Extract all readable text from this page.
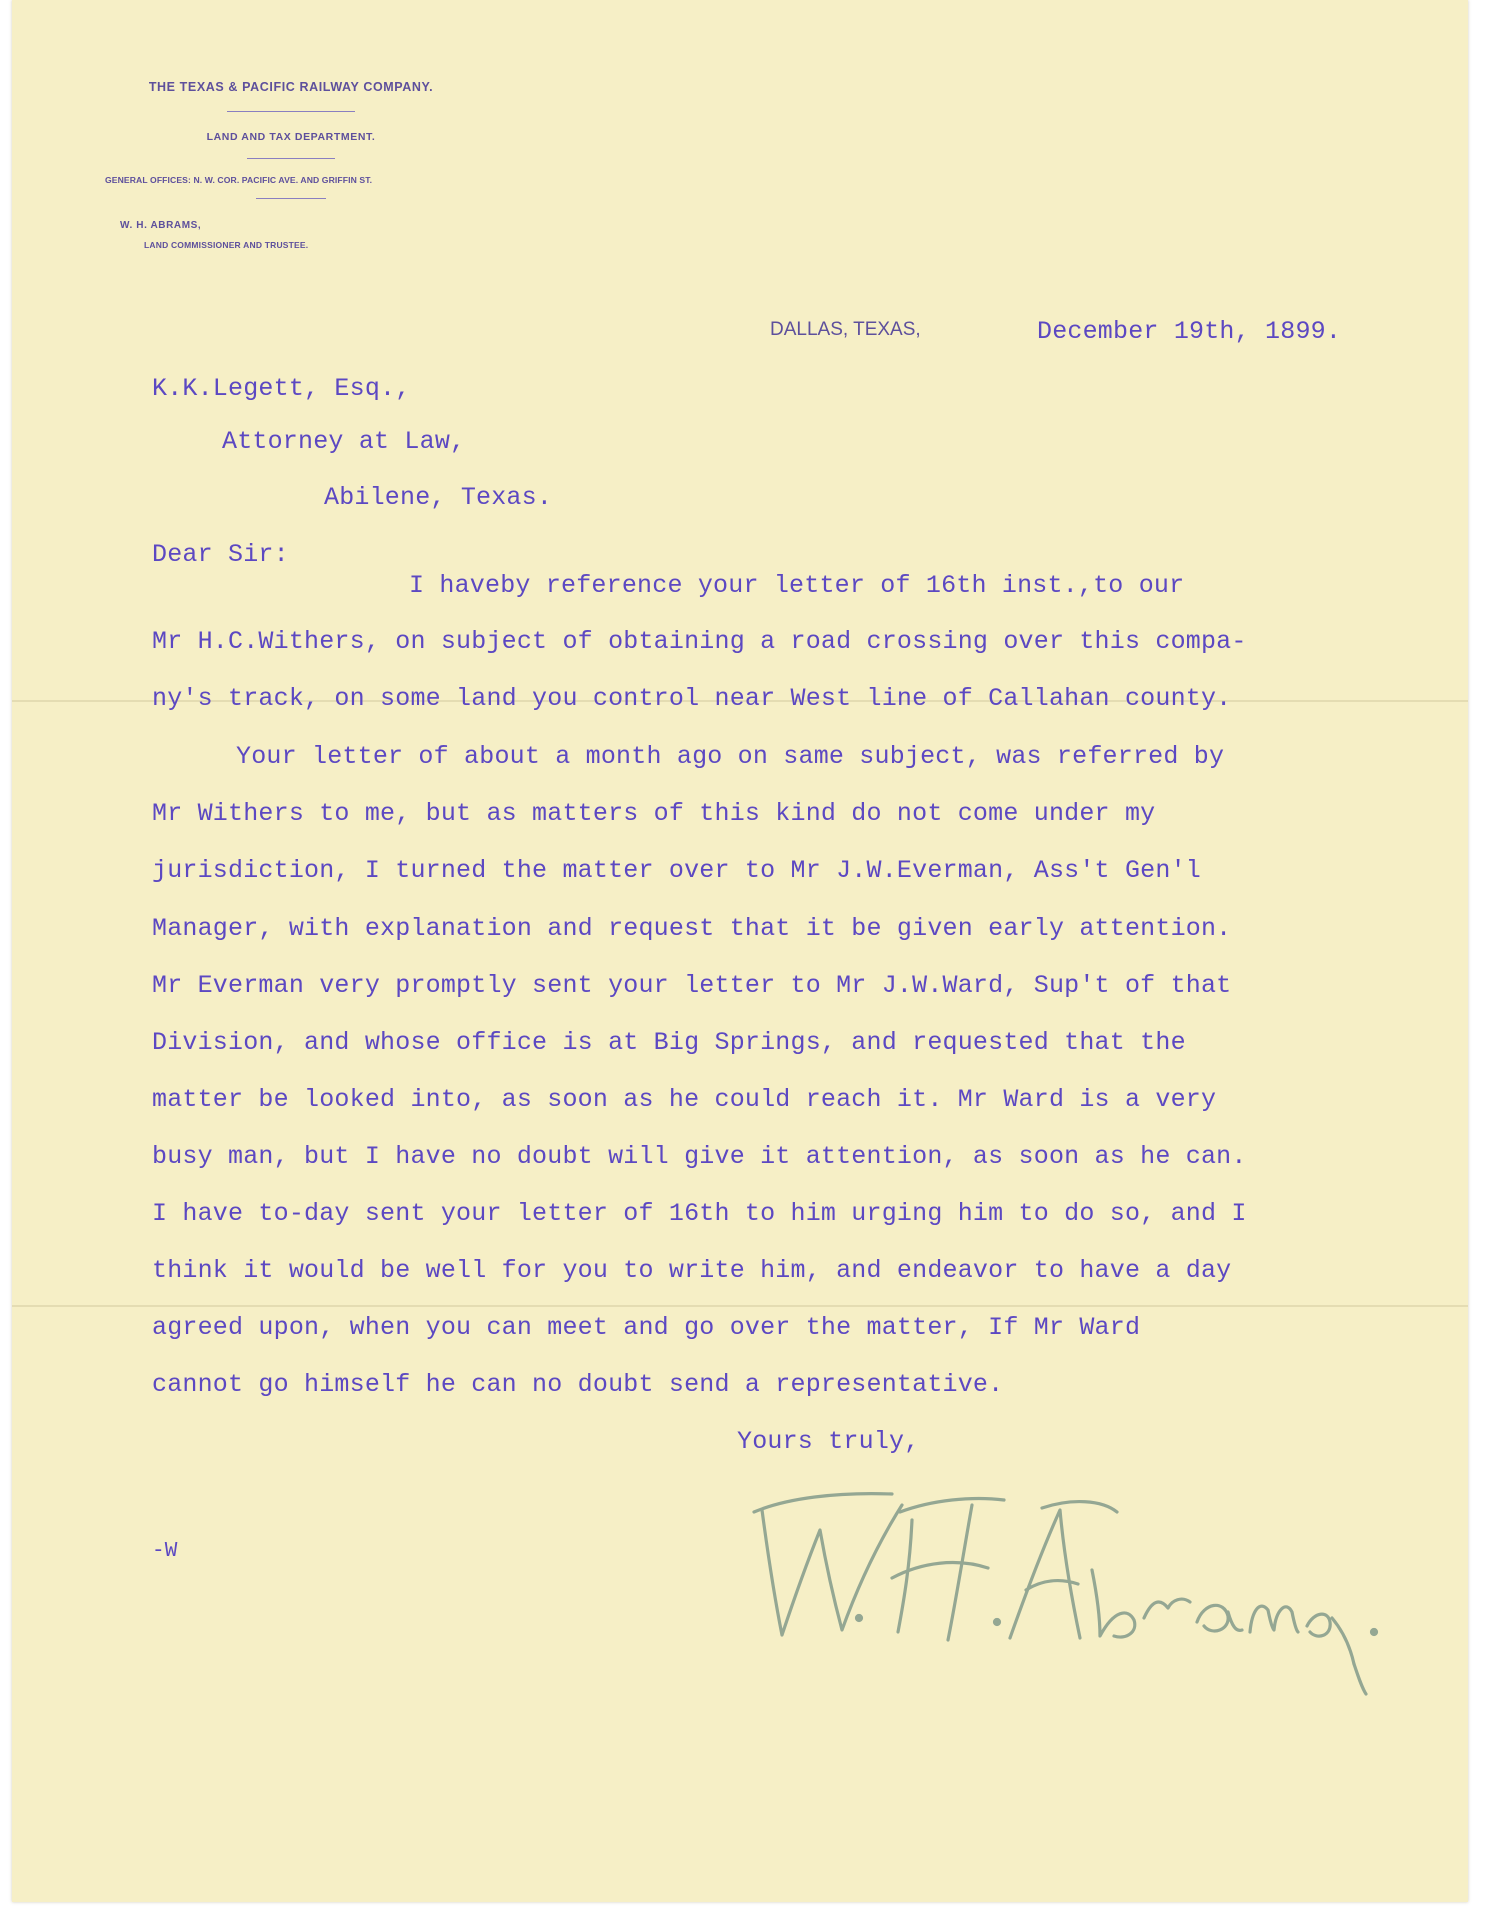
THE TEXAS & PACIFIC RAILWAY COMPANY.
LAND AND TAX DEPARTMENT.
GENERAL OFFICES: N. W. COR. PACIFIC AVE. AND GRIFFIN ST.
W. H. ABRAMS,
LAND COMMISSIONER AND TRUSTEE.
DALLAS, TEXAS,	December 19th, 1899.
K.K.Legett, Esq.,
Attorney at Law,
Abilene, Texas.
Dear Sir:
I haveby reference your letter of 16th inst.,to our
Mr H.C.Withers, on subject of obtaining a road crossing over this compa-
ny's track, on some land you control near West line of Callahan county.
Your letter of about a month ago on same subject, was referred by
Mr Withers to me, but as matters of this kind do not come under my
jurisdiction, I turned the matter over to Mr J.W.Everman, Ass't Gen'l
Manager, with explanation and request that it be given early attention.
Mr Everman very promptly sent your letter to Mr J.W.Ward, Sup't of that
Division, and whose office is at Big Springs, and requested that the
matter be looked into, as soon as he could reach it. Mr Ward is a very
busy man, but I have no doubt will give it attention, as soon as he can.
I have to-day sent your letter of 16th to him urging him to do so, and I
think it would be well for you to write him, and endeavor to have a day
agreed upon, when you can meet and go over the matter, If Mr Ward
cannot go himself he can no doubt send a representative.
Yours truly,
-W
